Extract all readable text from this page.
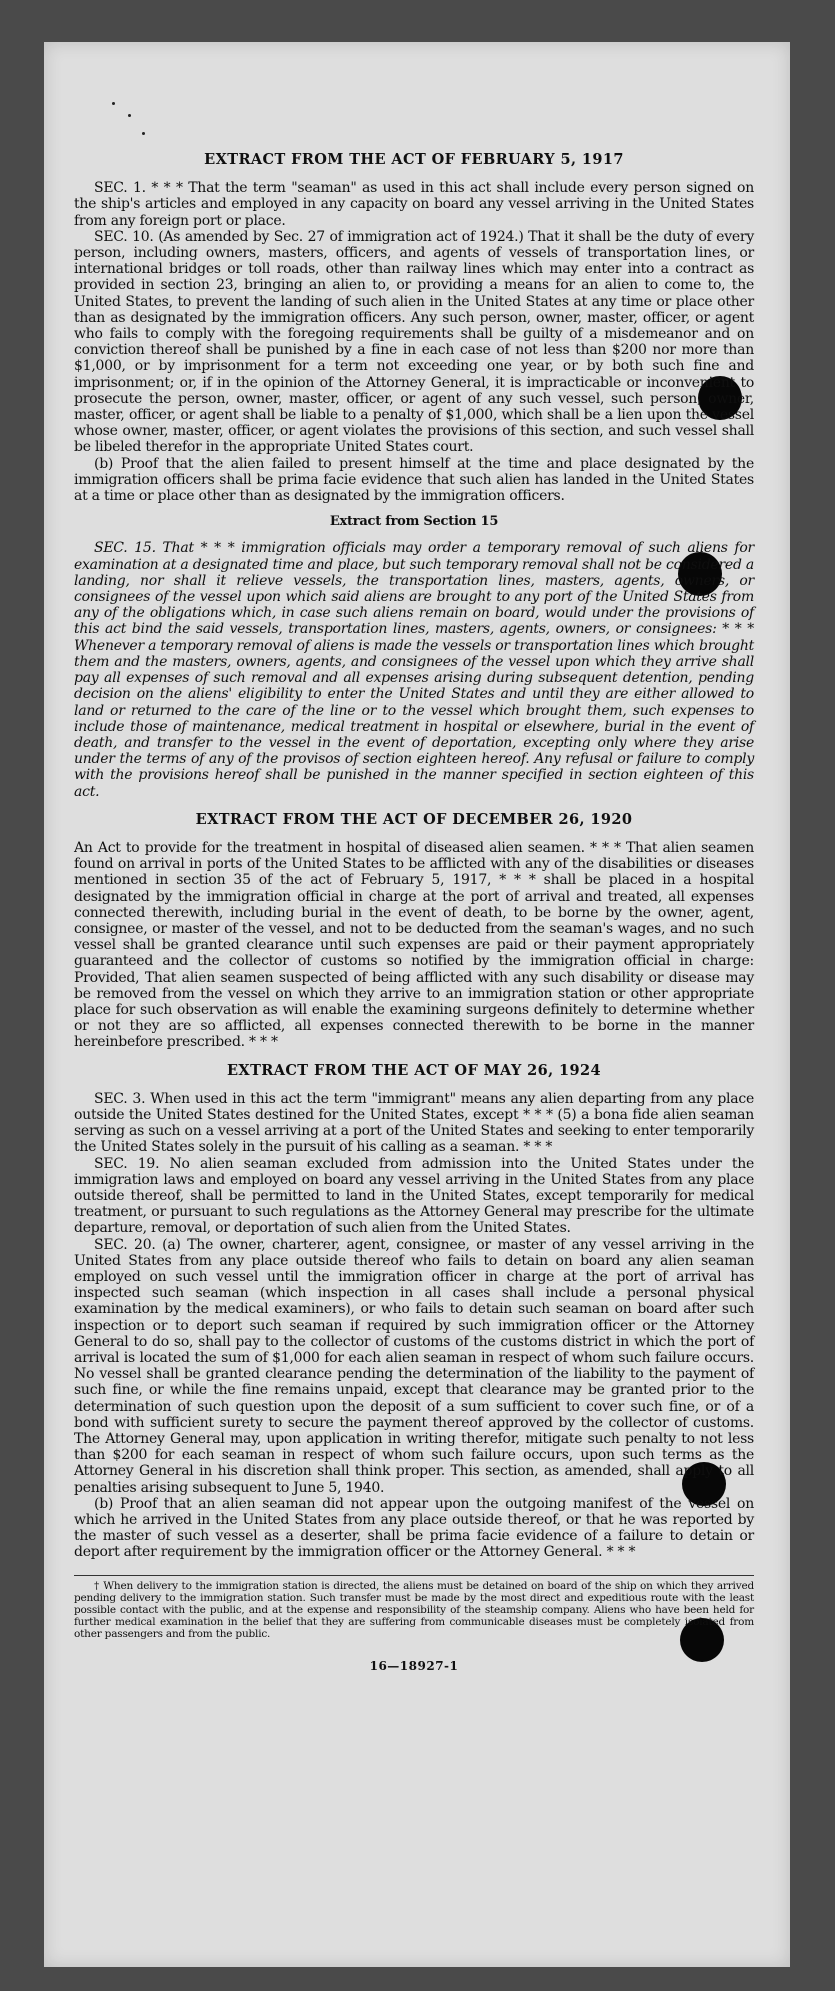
EXTRACT FROM THE ACT OF FEBRUARY 5, 1917

SEC. 1. * * * That the term "seaman" as used in this act shall include every person signed on the ship's articles and employed in any capacity on board any vessel arriving in the United States from any foreign port or place.

SEC. 10. (As amended by Sec. 27 of immigration act of 1924.) That it shall be the duty of every person, including owners, masters, officers, and agents of vessels of transportation lines, or international bridges or toll roads, other than railway lines which may enter into a contract as provided in section 23, bringing an alien to, or providing a means for an alien to come to, the United States, to prevent the landing of such alien in the United States at any time or place other than as designated by the immigration officers. Any such person, owner, master, officer, or agent who fails to comply with the foregoing requirements shall be guilty of a misdemeanor and on conviction thereof shall be punished by a fine in each case of not less than $200 nor more than $1,000, or by imprisonment for a term not exceeding one year, or by both such fine and imprisonment; or, if in the opinion of the Attorney General, it is impracticable or inconvenient to prosecute the person, owner, master, officer, or agent of any such vessel, such person, owner, master, officer, or agent shall be liable to a penalty of $1,000, which shall be a lien upon the vessel whose owner, master, officer, or agent violates the provisions of this section, and such vessel shall be libeled therefor in the appropriate United States court.

(b) Proof that the alien failed to present himself at the time and place designated by the immigration officers shall be prima facie evidence that such alien has landed in the United States at a time or place other than as designated by the immigration officers.

Extract from Section 15

SEC. 15. That * * * immigration officials may order a temporary removal of such aliens for examination at a designated time and place, but such temporary removal shall not be considered a landing, nor shall it relieve vessels, the transportation lines, masters, agents, owners, or consignees of the vessel upon which said aliens are brought to any port of the United States from any of the obligations which, in case such aliens remain on board, would under the provisions of this act bind the said vessels, transportation lines, masters, agents, owners, or consignees: * * * Whenever a temporary removal of aliens is made the vessels or transportation lines which brought them and the masters, owners, agents, and consignees of the vessel upon which they arrive shall pay all expenses of such removal and all expenses arising during subsequent detention, pending decision on the aliens' eligibility to enter the United States and until they are either allowed to land or returned to the care of the line or to the vessel which brought them, such expenses to include those of maintenance, medical treatment in hospital or elsewhere, burial in the event of death, and transfer to the vessel in the event of deportation, excepting only where they arise under the terms of any of the provisos of section eighteen hereof. Any refusal or failure to comply with the provisions hereof shall be punished in the manner specified in section eighteen of this act.

EXTRACT FROM THE ACT OF DECEMBER 26, 1920

An Act to provide for the treatment in hospital of diseased alien seamen. * * * That alien seamen found on arrival in ports of the United States to be afflicted with any of the disabilities or diseases mentioned in section 35 of the act of February 5, 1917, * * * shall be placed in a hospital designated by the immigration official in charge at the port of arrival and treated, all expenses connected therewith, including burial in the event of death, to be borne by the owner, agent, consignee, or master of the vessel, and not to be deducted from the seaman's wages, and no such vessel shall be granted clearance until such expenses are paid or their payment appropriately guaranteed and the collector of customs so notified by the immigration official in charge: Provided, That alien seamen suspected of being afflicted with any such disability or disease may be removed from the vessel on which they arrive to an immigration station or other appropriate place for such observation as will enable the examining surgeons definitely to determine whether or not they are so afflicted, all expenses connected therewith to be borne in the manner hereinbefore prescribed. * * *

EXTRACT FROM THE ACT OF MAY 26, 1924

SEC. 3. When used in this act the term "immigrant" means any alien departing from any place outside the United States destined for the United States, except * * * (5) a bona fide alien seaman serving as such on a vessel arriving at a port of the United States and seeking to enter temporarily the United States solely in the pursuit of his calling as a seaman. * * *

SEC. 19. No alien seaman excluded from admission into the United States under the immigration laws and employed on board any vessel arriving in the United States from any place outside thereof, shall be permitted to land in the United States, except temporarily for medical treatment, or pursuant to such regulations as the Attorney General may prescribe for the ultimate departure, removal, or deportation of such alien from the United States.

SEC. 20. (a) The owner, charterer, agent, consignee, or master of any vessel arriving in the United States from any place outside thereof who fails to detain on board any alien seaman employed on such vessel until the immigration officer in charge at the port of arrival has inspected such seaman (which inspection in all cases shall include a personal physical examination by the medical examiners), or who fails to detain such seaman on board after such inspection or to deport such seaman if required by such immigration officer or the Attorney General to do so, shall pay to the collector of customs of the customs district in which the port of arrival is located the sum of $1,000 for each alien seaman in respect of whom such failure occurs. No vessel shall be granted clearance pending the determination of the liability to the payment of such fine, or while the fine remains unpaid, except that clearance may be granted prior to the determination of such question upon the deposit of a sum sufficient to cover such fine, or of a bond with sufficient surety to secure the payment thereof approved by the collector of customs. The Attorney General may, upon application in writing therefor, mitigate such penalty to not less than $200 for each seaman in respect of whom such failure occurs, upon such terms as the Attorney General in his discretion shall think proper. This section, as amended, shall apply to all penalties arising subsequent to June 5, 1940.

(b) Proof that an alien seaman did not appear upon the outgoing manifest of the vessel on which he arrived in the United States from any place outside thereof, or that he was reported by the master of such vessel as a deserter, shall be prima facie evidence of a failure to detain or deport after requirement by the immigration officer or the Attorney General. * * *

† When delivery to the immigration station is directed, the aliens must be detained on board of the ship on which they arrived pending delivery to the immigration station. Such transfer must be made by the most direct and expeditious route with the least possible contact with the public, and at the expense and responsibility of the steamship company. Aliens who have been held for further medical examination in the belief that they are suffering from communicable diseases must be completely isolated from other passengers and from the public.

16—18927-1
